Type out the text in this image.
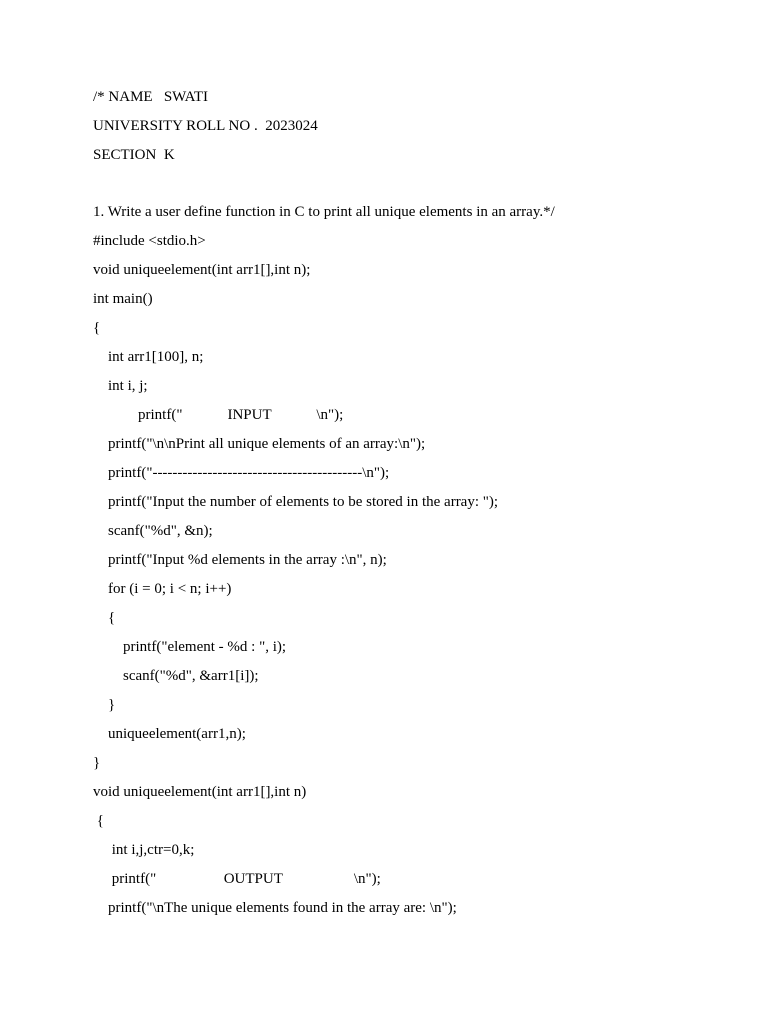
/* NAME   SWATI
UNIVERSITY ROLL NO .  2023024
SECTION  K
1. Write a user define function in C to print all unique elements in an array.*/
#include <stdio.h>
void uniqueelement(int arr1[],int n);
int main()
{
int arr1[100], n;
int i, j;
printf("            INPUT            \n");
printf("\n\nPrint all unique elements of an array:\n");
printf("------------------------------------------\n");
printf("Input the number of elements to be stored in the array: ");
scanf("%d", &n);
printf("Input %d elements in the array :\n", n);
for (i = 0; i < n; i++)
{
printf("element - %d : ", i);
scanf("%d", &arr1[i]);
}
uniqueelement(arr1,n);
}
void uniqueelement(int arr1[],int n)
{
int i,j,ctr=0,k;
printf("                  OUTPUT                   \n");
printf("\nThe unique elements found in the array are: \n");
